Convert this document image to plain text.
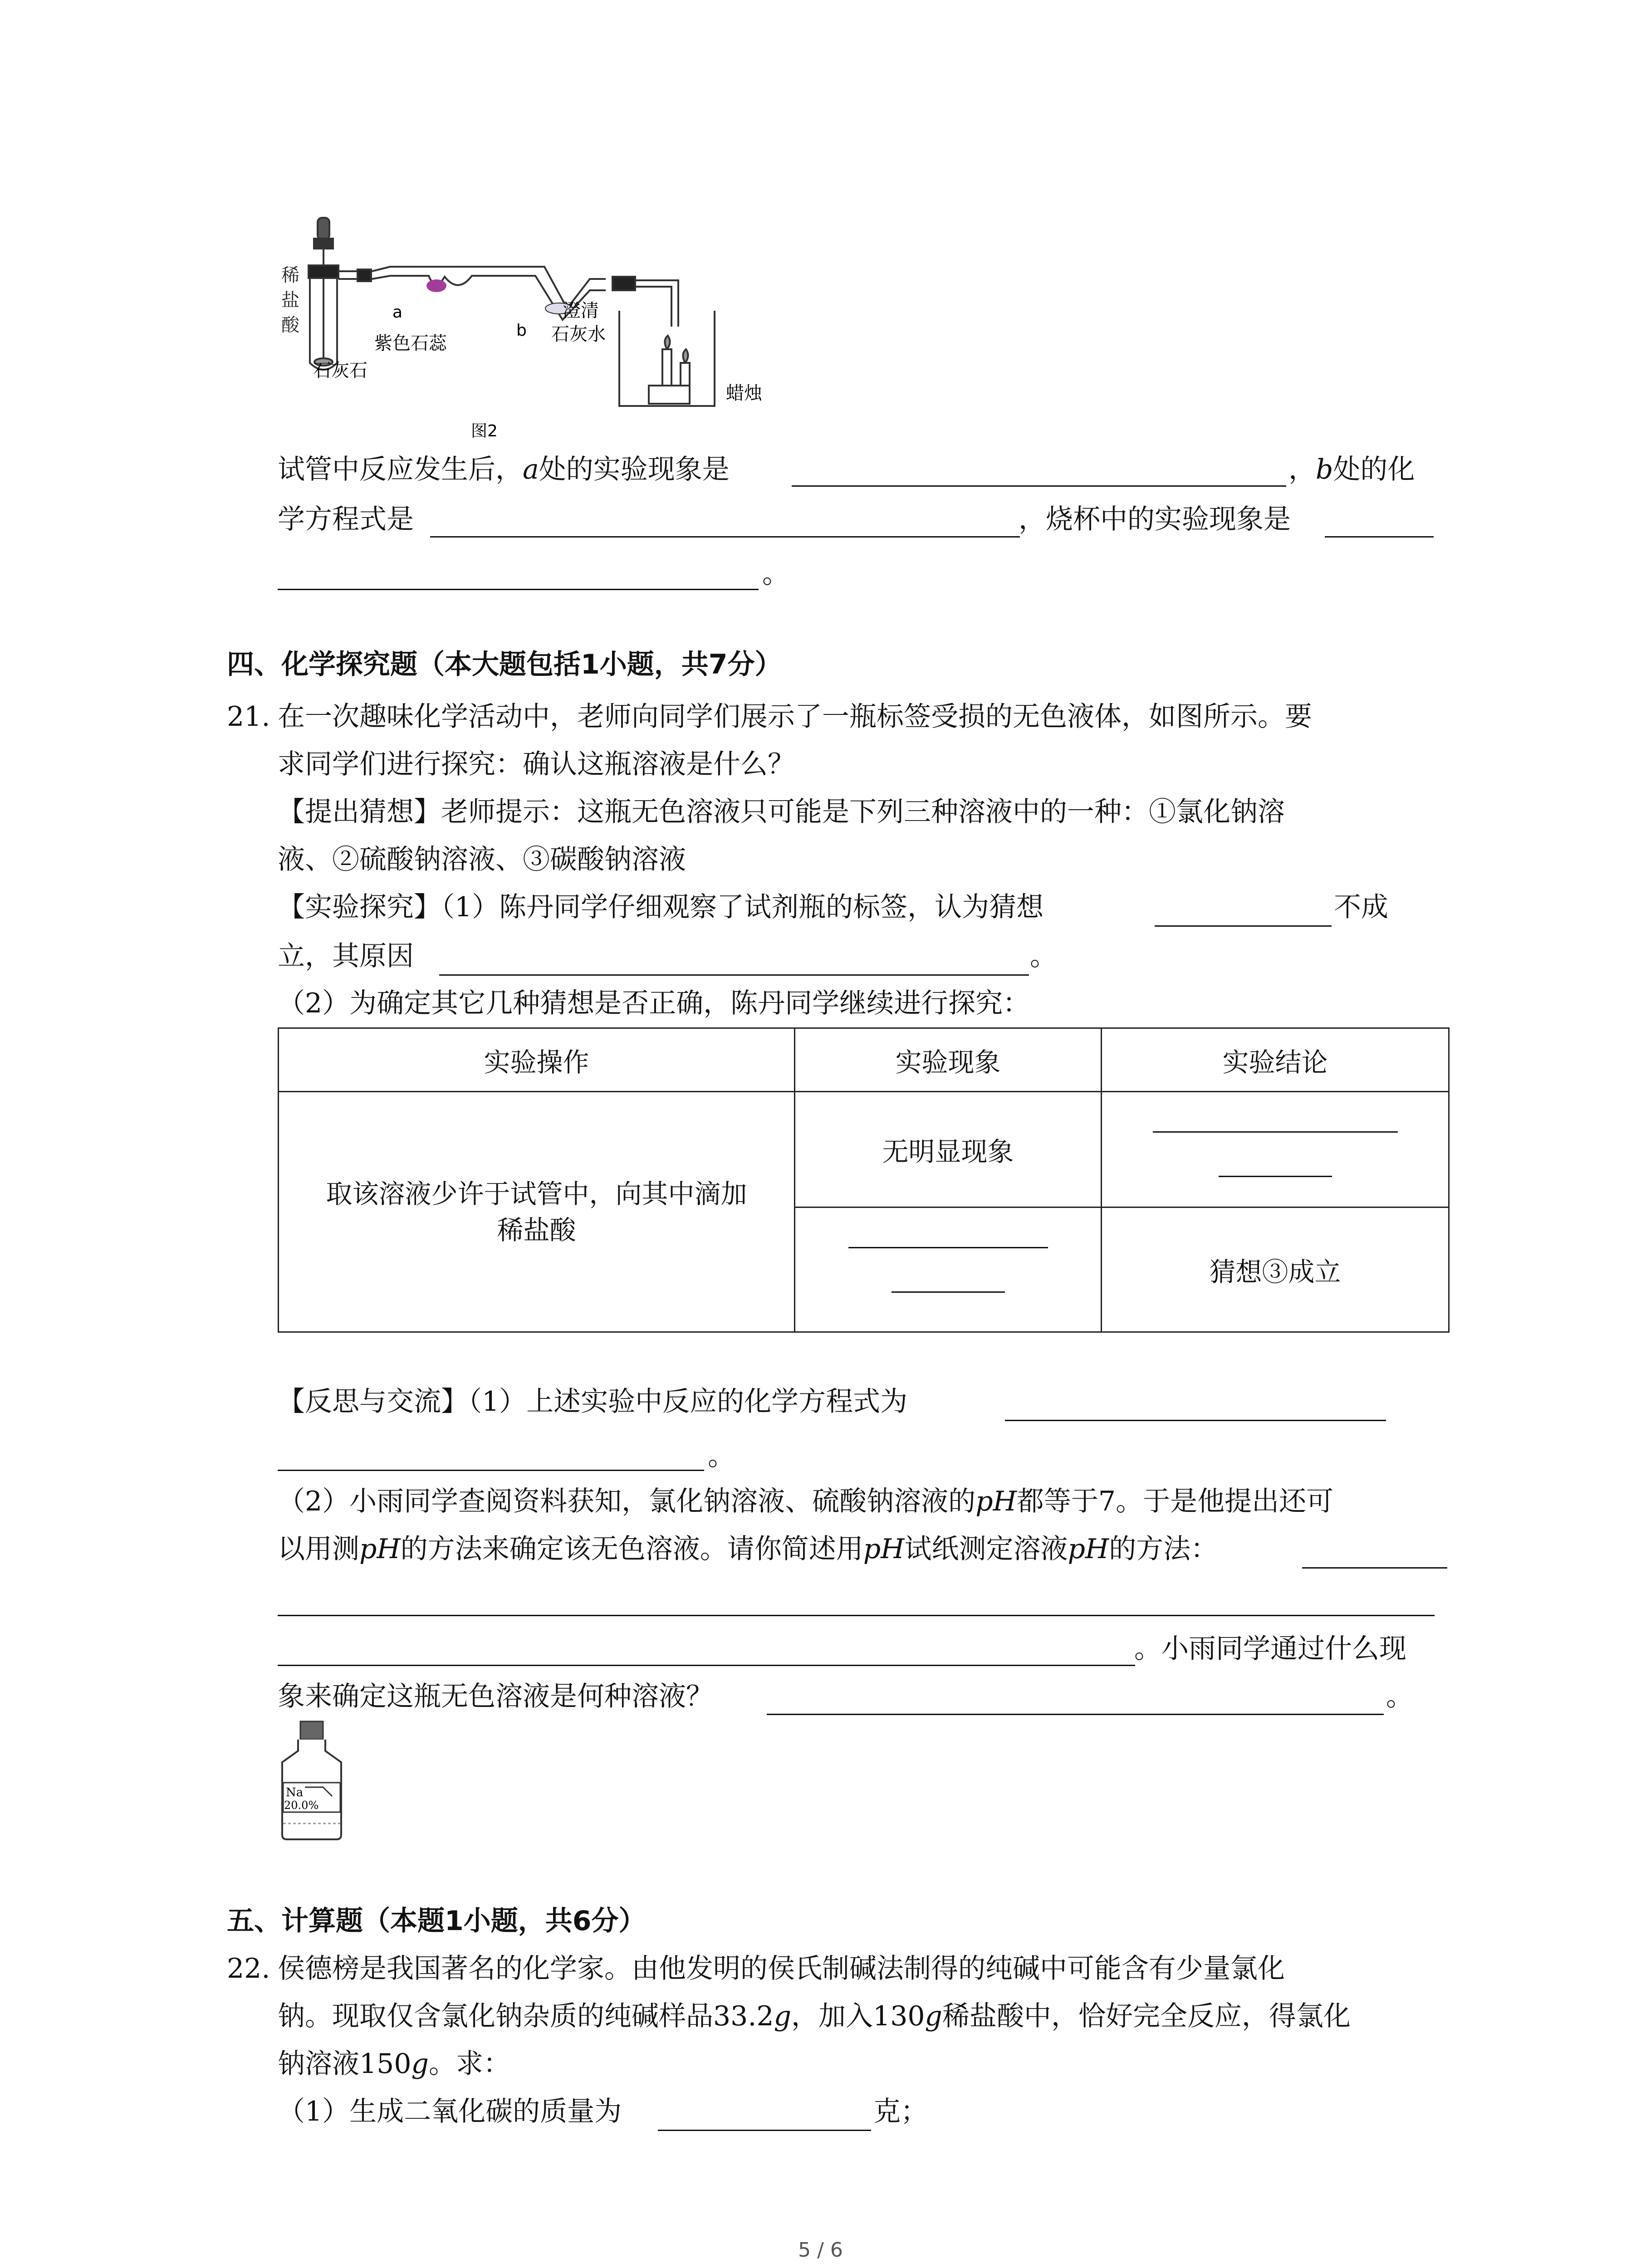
稀 盐 酸
a
b
紫色石蕊
澄清 石灰水
石灰石
蜡烛
图2
试管中反应发生后，a处的实验现象是	，b处的化
学方程式是	，烧杯中的实验现象是
。
四、化学探究题（本大题包括1小题，共7分）
21. 在一次趣味化学活动中，老师向同学们展示了一瓶标签受损的无色液体，如图所示。要
求同学们进行探究：确认这瓶溶液是什么？
【提出猜想】老师提示：这瓶无色溶液只可能是下列三种溶液中的一种：①氯化钠溶
液、②硫酸钠溶液、③碳酸钠溶液
【实验探究】（1）陈丹同学仔细观察了试剂瓶的标签，认为猜想	不成
立，其原因	。
（2）为确定其它几种猜想是否正确，陈丹同学继续进行探究：
实验操作	实验现象	实验结论

取该溶液少许于试管中，向其中滴加
稀盐酸	无明显现象	

		猜想③成立
【反思与交流】（1）上述实验中反应的化学方程式为
。
（2）小雨同学查阅资料获知，氯化钠溶液、硫酸钠溶液的pH都等于7。于是他提出还可
以用测pH的方法来确定该无色溶液。请你简述用pH试纸测定溶液pH的方法：
。小雨同学通过什么现
象来确定这瓶无色溶液是何种溶液？	。
Na
20.0%
五、计算题（本题1小题，共6分）
22. 侯德榜是我国著名的化学家。由他发明的侯氏制碱法制得的纯碱中可能含有少量氯化
钠。现取仅含氯化钠杂质的纯碱样品33.2g，加入130g稀盐酸中，恰好完全反应，得氯化
钠溶液150g。求：
（1）生成二氧化碳的质量为	克；
5 / 6
